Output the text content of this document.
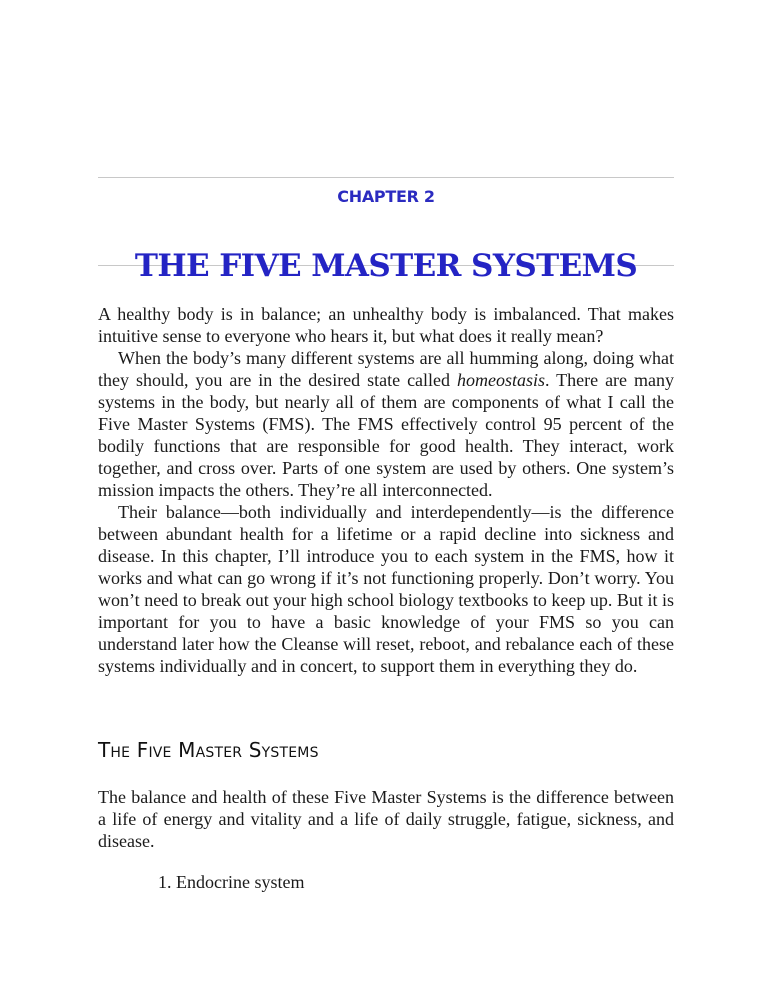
CHAPTER 2
THE FIVE MASTER SYSTEMS

A healthy body is in balance; an unhealthy body is imbalanced. That makes intuitive sense to everyone who hears it, but what does it really mean?

When the body’s many different systems are all humming along, doing what they should, you are in the desired state called homeostasis. There are many systems in the body, but nearly all of them are components of what I call the Five Master Systems (FMS). The FMS effectively control 95 percent of the bodily functions that are responsible for good health. They interact, work together, and cross over. Parts of one system are used by others. One system’s mission impacts the others. They’re all interconnected.

Their balance—both individually and interdependently—is the difference between abundant health for a lifetime or a rapid decline into sickness and disease. In this chapter, I’ll introduce you to each system in the FMS, how it works and what can go wrong if it’s not functioning properly. Don’t worry. You won’t need to break out your high school biology textbooks to keep up. But it is important for you to have a basic knowledge of your FMS so you can understand later how the Cleanse will reset, reboot, and rebalance each of these systems individually and in concert, to support them in everything they do.

The Five Master Systems

The balance and health of these Five Master Systems is the difference between a life of energy and vitality and a life of daily struggle, fatigue, sickness, and disease.

1. Endocrine system
